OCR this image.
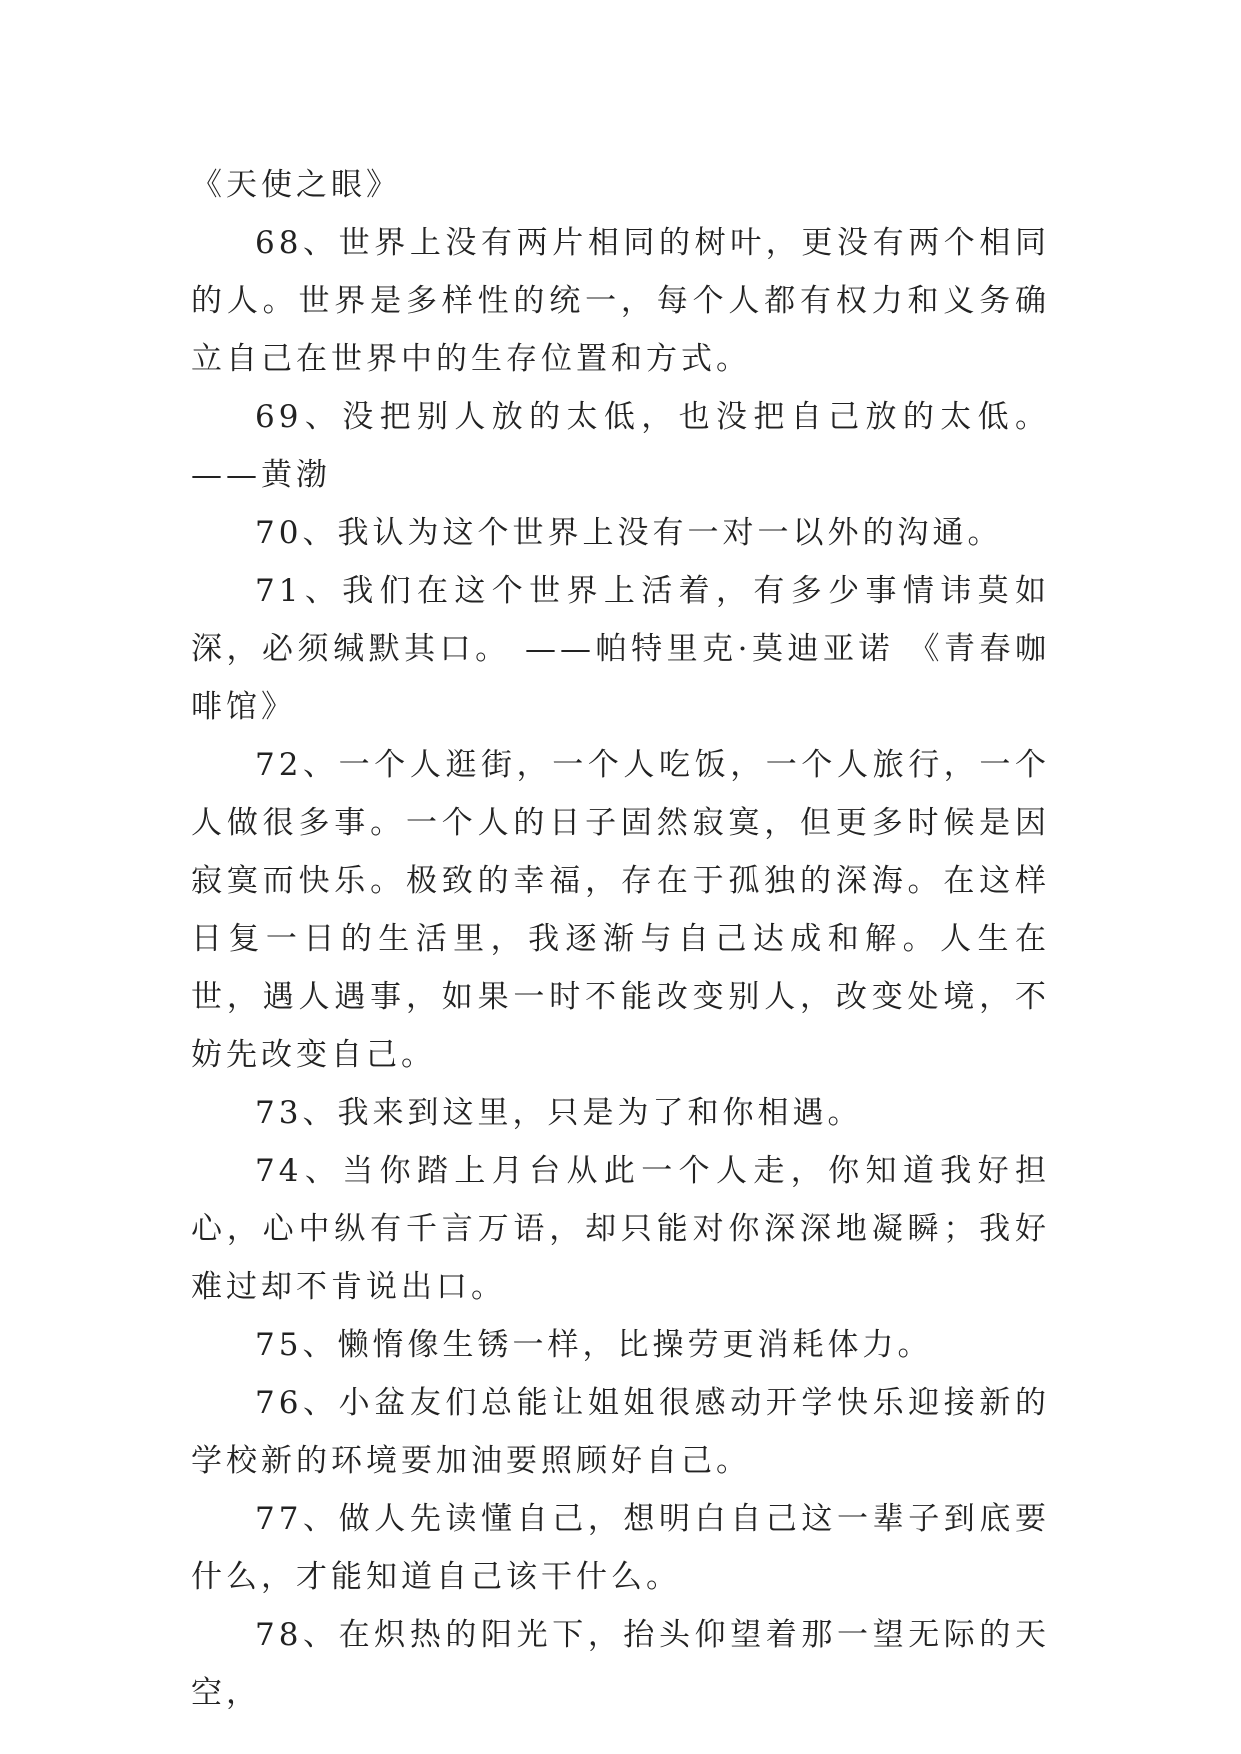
《天使之眼》

68、世界上没有两片相同的树叶，更没有两个相同的人。世界是多样性的统一，每个人都有权力和义务确立自己在世界中的生存位置和方式。

69、没把别人放的太低，也没把自己放的太低。——黄渤

70、我认为这个世界上没有一对一以外的沟通。

71、我们在这个世界上活着，有多少事情讳莫如深，必须缄默其口。 ——帕特里克·莫迪亚诺 《青春咖啡馆》

72、一个人逛街，一个人吃饭，一个人旅行，一个人做很多事。一个人的日子固然寂寞，但更多时候是因寂寞而快乐。极致的幸福，存在于孤独的深海。在这样日复一日的生活里，我逐渐与自己达成和解。人生在世，遇人遇事，如果一时不能改变别人，改变处境，不妨先改变自己。

73、我来到这里，只是为了和你相遇。

74、当你踏上月台从此一个人走，你知道我好担心，心中纵有千言万语，却只能对你深深地凝瞬；我好难过却不肯说出口。

75、懒惰像生锈一样，比操劳更消耗体力。

76、小盆友们总能让姐姐很感动开学快乐迎接新的学校新的环境要加油要照顾好自己。

77、做人先读懂自己，想明白自己这一辈子到底要什么，才能知道自己该干什么。

78、在炽热的阳光下，抬头仰望着那一望无际的天空，
